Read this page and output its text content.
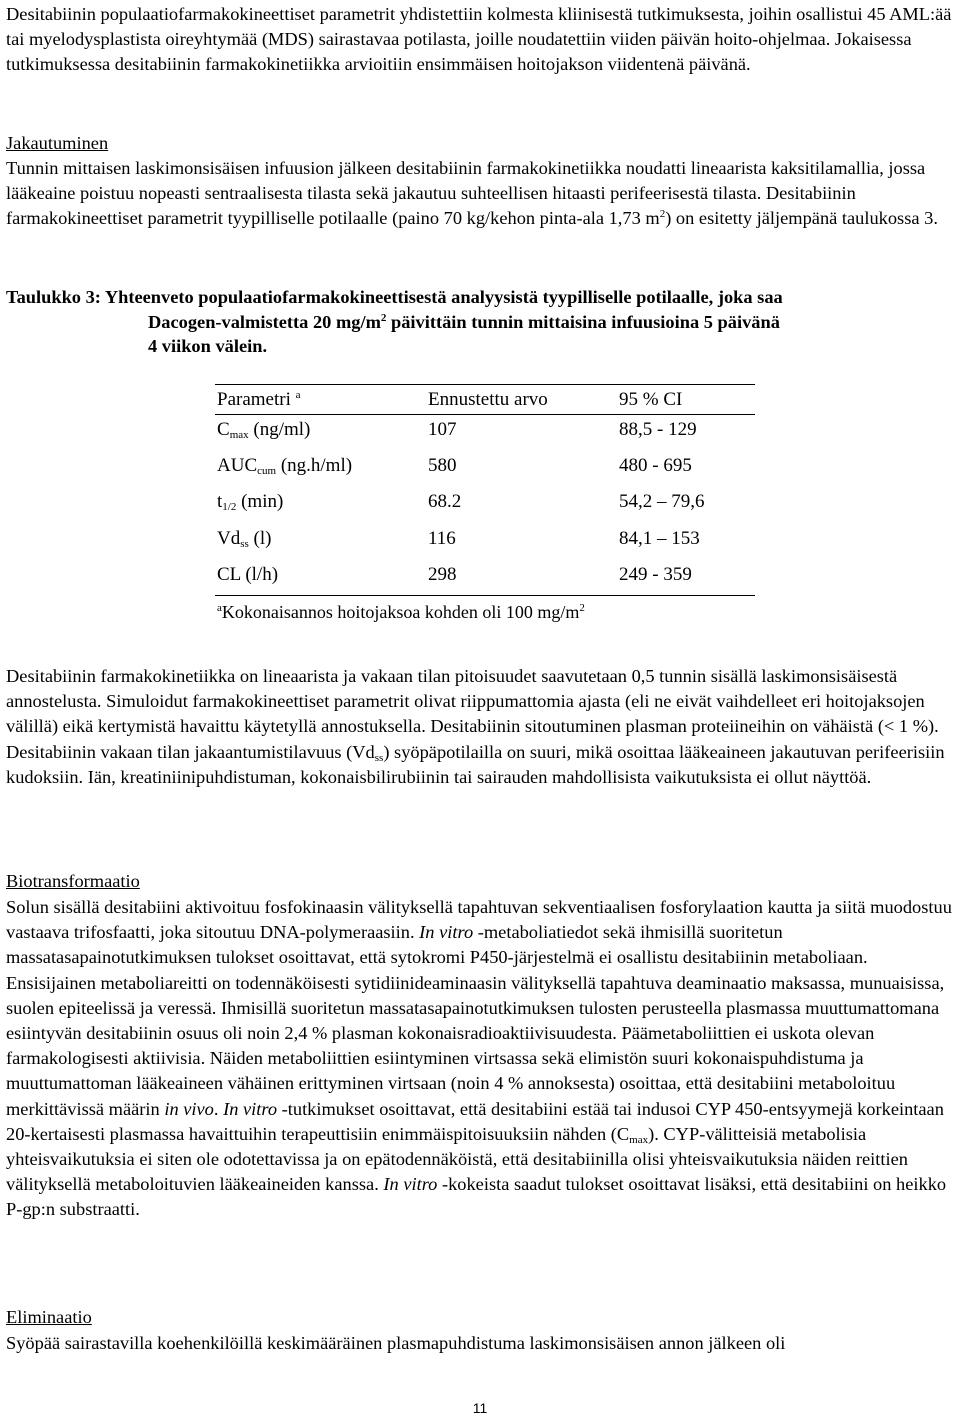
Desitabiinin populaatiofarmakokineettiset parametrit yhdistettiin kolmesta kliinisestä tutkimuksesta, joihin osallistui 45 AML:ää tai myelodysplastista oireyhtymää (MDS) sairastavaa potilasta, joille noudatettiin viiden päivän hoito-ohjelmaa. Jokaisessa tutkimuksessa desitabiinin farmakokinetiikka arvioitiin ensimmäisen hoitojakson viidentenä päivänä.

Jakautuminen

Tunnin mittaisen laskimonsisäisen infuusion jälkeen desitabiinin farmakokinetiikka noudatti lineaarista kaksitilamallia, jossa lääkeaine poistuu nopeasti sentraalisesta tilasta sekä jakautuu suhteellisen hitaasti perifeerisestä tilasta. Desitabiinin farmakokineettiset parametrit tyypilliselle potilaalle (paino 70 kg/kehon pinta-ala 1,73 $m^2$) on esitetty jäljempänä taulukossa 3.

Taulukko 3: Yhteenveto populaatiofarmakokineettisestä analyysistä tyypilliselle potilaalle, joka saa
Dacogen-valmistetta 20 $mg/m^2$ päivittäin tunnin mittaisina infuusioina 5 päivänä
4 viikon välein.
Parametri $^a$	Ennustettu arvo	95 % CI
$C_{max}$ (ng/ml)	107	88,5 - 129
$AUC_{cum}$ (ng.h/ml)	580	480 - 695
$t_{1/2}$ (min)	68.2	54,2 – 79,6
$Vd_{ss}$ (l)	116	84,1 – 153
CL (l/h)	298	249 - 359
$^a$Kokonaisannos hoitojaksoa kohden oli 100 $mg/m^2$

Desitabiinin farmakokinetiikka on lineaarista ja vakaan tilan pitoisuudet saavutetaan 0,5 tunnin sisällä laskimonsisäisestä annostelusta. Simuloidut farmakokineettiset parametrit olivat riippumattomia ajasta (eli ne eivät vaihdelleet eri hoitojaksojen välillä) eikä kertymistä havaittu käytetyllä annostuksella. Desitabiinin sitoutuminen plasman proteiineihin on vähäistä (< 1 %). Desitabiinin vakaan tilan jakaantumistilavuus $(Vd_{ss})$ syöpäpotilailla on suuri, mikä osoittaa lääkeaineen jakautuvan perifeerisiin kudoksiin. Iän, kreatiniinipuhdistuman, kokonaisbilirubiinin tai sairauden mahdollisista vaikutuksista ei ollut näyttöä.

Biotransformaatio

Solun sisällä desitabiini aktivoituu fosfokinaasin välityksellä tapahtuvan sekventiaalisen fosforylaation kautta ja siitä muodostuu vastaava trifosfaatti, joka sitoutuu DNA-polymeraasiin. In vitro -metaboliatiedot sekä ihmisillä suoritetun massatasapainotutkimuksen tulokset osoittavat, että sytokromi P450-järjestelmä ei osallistu desitabiinin metaboliaan. Ensisijainen metaboliareitti on todennäköisesti sytidiinideaminaasin välityksellä tapahtuva deaminaatio maksassa, munuaisissa, suolen epiteelissä ja veressä. Ihmisillä suoritetun massatasapainotutkimuksen tulosten perusteella plasmassa muuttumattomana esiintyvän desitabiinin osuus oli noin 2,4 % plasman kokonaisradioaktiivisuudesta. Päämetaboliittien ei uskota olevan farmakologisesti aktiivisia. Näiden metaboliittien esiintyminen virtsassa sekä elimistön suuri kokonaispuhdistuma ja muuttumattoman lääkeaineen vähäinen erittyminen virtsaan (noin 4 % annoksesta) osoittaa, että desitabiini metaboloituu merkittävissä määrin in vivo. In vitro -tutkimukset osoittavat, että desitabiini estää tai indusoi CYP 450-entsyymejä korkeintaan 20-kertaisesti plasmassa havaittuihin terapeuttisiin enimmäispitoisuuksiin nähden $(C_{max})$. CYP-välitteisiä metabolisia yhteisvaikutuksia ei siten ole odotettavissa ja on epätodennäköistä, että desitabiinilla olisi yhteisvaikutuksia näiden reittien välityksellä metaboloituvien lääkeaineiden kanssa. In vitro -kokeista saadut tulokset osoittavat lisäksi, että desitabiini on heikko P-gp:n substraatti.

Eliminaatio

Syöpää sairastavilla koehenkilöillä keskimääräinen plasmapuhdistuma laskimonsisäisen annon jälkeen oli

11
